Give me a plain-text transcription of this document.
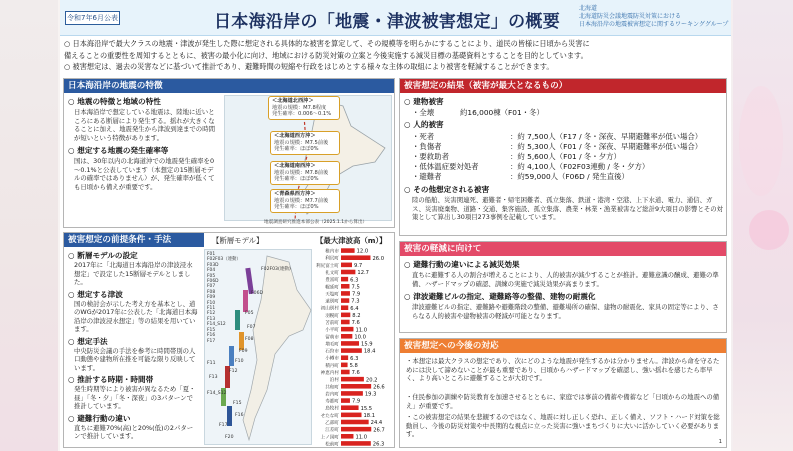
令和7年6月公表	日本海沿岸の「地震・津波被害想定」の概要
北海道
北海道防災会議地震防災対策における
日本海沿岸の地震被害想定に関するワーキンググループ
○ 日本海沿岸で最大クラスの地震・津波が発生した際に想定される具体的な被害を算定して、その規模等を明らかにすることにより、道民の皆様に日頃から災害に
備えることの重要性を周知するとともに、被害の最小化に向け、地域における防災対策の立案と今後実施する減災目標の基礎資料とすることを目的としています。
○ 被害想定は、過去の災害などに基づいて推計であり、避難時間の短縮や行政をはじめとする様々な主体の取組により被害を軽減することができます。
日本海沿岸の地震の特徴
○ 地震の特徴と地域の特性
日本海沿岸で想定している地震は、陸地に近いところにある断層により発生する。揺れが大きくなることに加え、地震発生から津波到達までの時間が短いという特徴があります。
○ 想定する地震の発生確率等
国は、30年以内の北海道沖での地震発生確率を0～0.1%と公表しています（本想定の15断層モデルの確率ではありません）が、発生確率が低くても日頃から備えが重要です。
＜北海道北西沖＞
地震の規模：M7.8程度
発生確率：0.006～0.1%
＜北海道西方沖＞
地震の規模：M7.5前後
発生確率：ほぼ0%
＜北海道南西沖＞
地震の規模：M7.8前後
発生確率：ほぼ0%
＜青森県西方沖＞
地震の規模：M7.7前後
発生確率：ほぼ0%
地震調査研究推進本部公表（2025.1.1から算出）
被害想定の前提条件・手法
○ 断層モデルの設定
2017年に「北海道日本海沿岸の津波浸水想定」で設定した15断層モデルとしました。
○ 想定する津波
国の検討会が示した考え方を基本とし、道のWGが2017年に公表した「北海道日本海沿岸の津波浸水想定」等の結果を用いています。
○ 想定手法
中央防災会議の手法を参考に時間帯別の人口動態や建物所在推を可能な限り反映しています。
○ 推計する時期・時間帯
発生時期等により被害が異なるため「夏・昼」「冬・夕」「冬・深夜」の3パターンで推計しています。
○ 避難行動の違い
直ちに避難70%(高)と20%(低)の2パターンで推計しています。
【断層モデル】
F01
F02F03（連動）
F03D
F04
F05
F06D
F07
F08
F09
F10
F11
F12
F13
F14_S12
F15
F16
F17
F02F03(連動)
F06D
F05
F07
F08
F09
F10
F12
F11
F13
F14_S12
F15
F16
F17
F20
【最大津波高（m）】
稚内市	12.0
利尻町	26.0
利尻富士町	9.7
礼文町	12.7
豊富町 6.3
幌延町 7.5
天塩町 7.9
遠別町 7.3
初山別村 6.4
羽幌町	8.2
苫前町 7.6
小平町	11.0
留萌市	10.0
増毛町	15.9
石狩市	18.4
小樽市 6.3
積丹町 5.8
神恵内村 7.6
泊村	20.2
共和町	26.6
岩内町	19.3
寿都町 7.9
島牧村	15.5
せたな町	18.1
乙部町	24.4
江差町	26.7
上ノ国町	11.0
松前町	26.3
被害想定の結果（被害が最大となるもの）
○ 建物被害
・全壊	約16,000棟（F01・冬）
○ 人的被害
・死者	：約 7,500人（F17 / 冬・深夜、早期避難率が低い場合）
・負傷者	：約 5,300人（F01 / 冬・深夜、早期避難率が低い場合）
・要救助者	：約 5,600人（F01 / 冬・夕方）
・低体温症要対処者	：約 4,100人（F02F03連動 / 冬・夕方）
・避難者	：約59,000人（F06D / 発生直後）
○ その他想定される被害
陸の船舶、災害関連死、避難者・帰宅困難者、孤立集落、鉄道・港湾・空港、上下水道、電力、通信、ガス、災害廃棄物、道路・交通、集客施設、孤立集落、農業・林業・漁業被害など総計9大項目の影響とその対策として算出し30項目273事例を記載しています。
被害の軽減に向けて
○ 避難行動の違いによる減災効果
直ちに避難する人の割合が増えることにより、人的被害が減少することが推計。避難意識の醸成、避難の準備、ハザードマップの確認、訓練の実施で減災効果が高まります。
○ 津波避難ビルの指定、避難路等の整備、建物の耐震化
津波避難ビルの指定、避難路や避難階段の整備、避難場所の確保、建物の耐震化、家具の固定等により、さらなる人的被害や建物被害の軽減が可能となります。
被害想定への今後の対応
・本想定は最大クラスの想定であり、次にどのような地震が発生するかは分かりません。津波から命を守るためには決して諦めないことが最も重要であり、日頃からハザードマップを確認し、強い揺れを感じたら率早く、より高いところに避難することが大切です。
・住民参加の訓練や防災教育を加速させるとともに、家庭では事前の備蓄や備蓄など「日頃からの地震への備え」が重要です。
・この被害想定の結果を悲観するのではなく、地震に対し正しく恐れ、正しく備え、ソフト・ハード対策を総動員し、今後の防災対策や中長期的な視点に立った災害に強いまちづくりに大いに活かしていく必要があります。
1
